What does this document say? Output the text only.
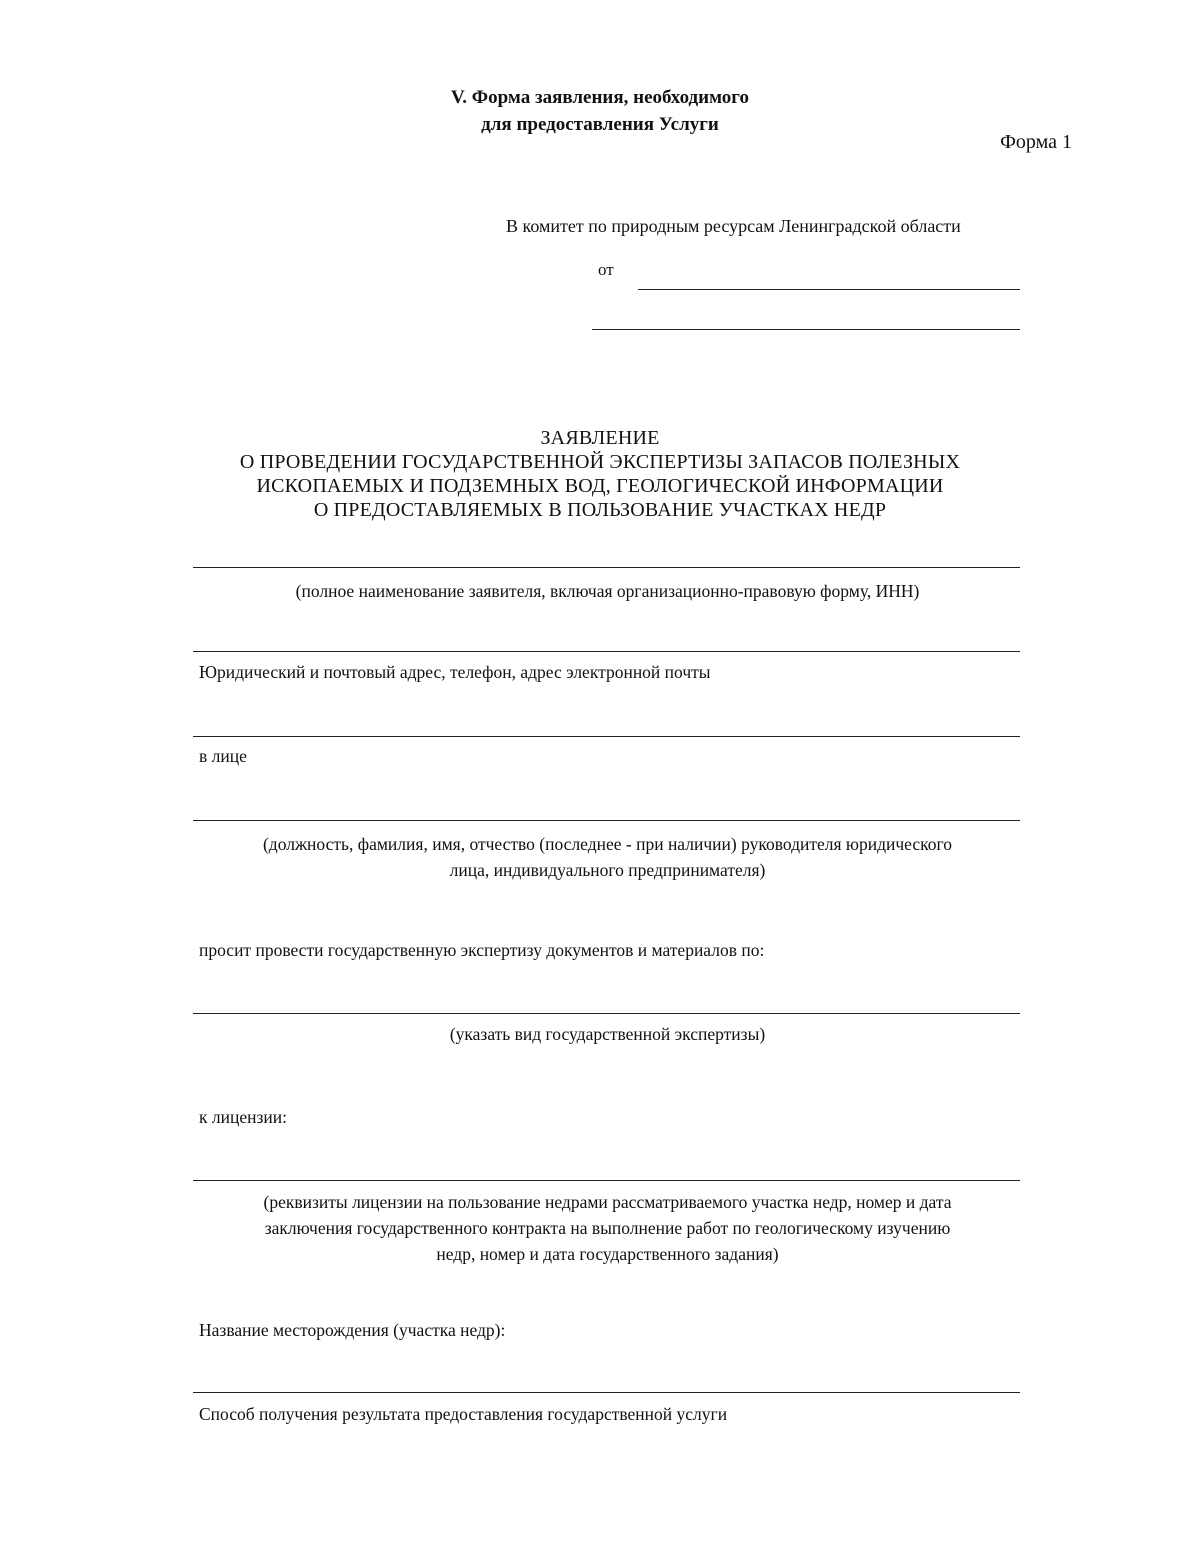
V. Форма заявления, необходимого
для предоставления Услуги
Форма 1
В комитет по природным ресурсам Ленинградской области
от
ЗАЯВЛЕНИЕ
О ПРОВЕДЕНИИ ГОСУДАРСТВЕННОЙ ЭКСПЕРТИЗЫ ЗАПАСОВ ПОЛЕЗНЫХ
ИСКОПАЕМЫХ И ПОДЗЕМНЫХ ВОД, ГЕОЛОГИЧЕСКОЙ ИНФОРМАЦИИ
О ПРЕДОСТАВЛЯЕМЫХ В ПОЛЬЗОВАНИЕ УЧАСТКАХ НЕДР
(полное наименование заявителя, включая организационно-правовую форму, ИНН)
Юридический и почтовый адрес, телефон, адрес электронной почты
в лице
(должность, фамилия, имя, отчество (последнее - при наличии) руководителя юридического
лица, индивидуального предпринимателя)
просит провести государственную экспертизу документов и материалов по:
(указать вид государственной экспертизы)
к лицензии:
(реквизиты лицензии на пользование недрами рассматриваемого участка недр, номер и дата
заключения государственного контракта на выполнение работ по геологическому изучению
недр, номер и дата государственного задания)
Название месторождения (участка недр):
Способ получения результата предоставления государственной услуги
